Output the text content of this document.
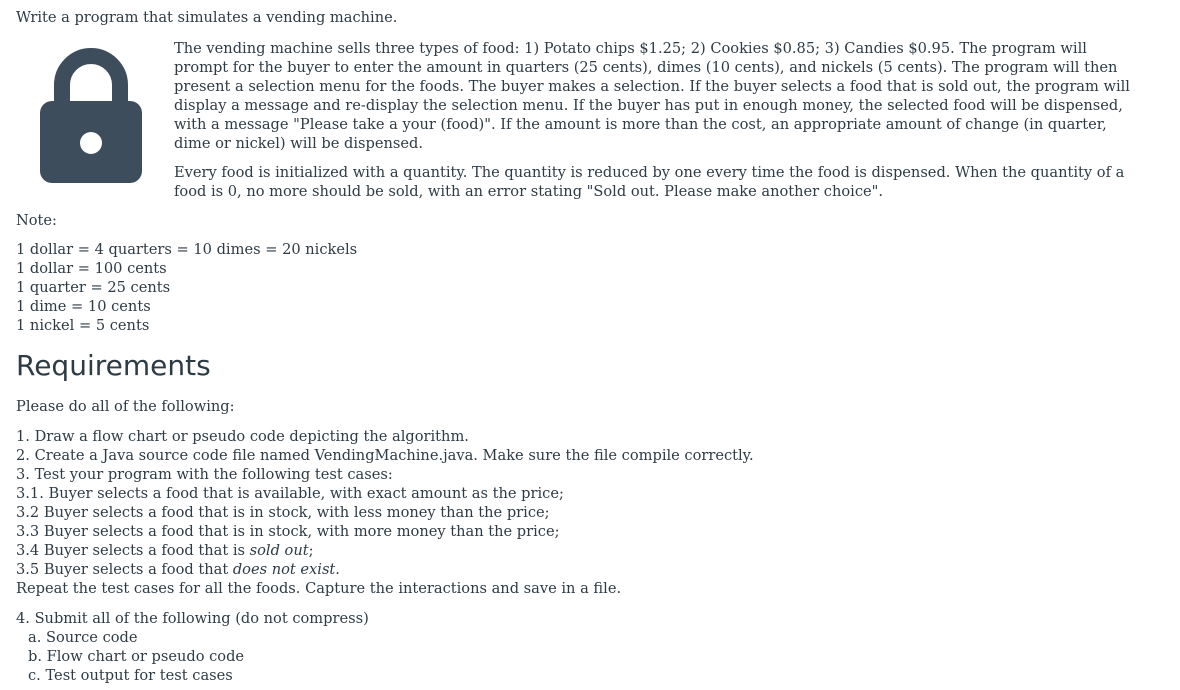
Write a program that simulates a vending machine.

The vending machine sells three types of food: 1) Potato chips $1.25; 2) Cookies $0.85; 3) Candies $0.95. The program will prompt for the buyer to enter the amount in quarters (25 cents), dimes (10 cents), and nickels (5 cents). The program will then present a selection menu for the foods. The buyer makes a selection. If the buyer selects a food that is sold out, the program will display a message and re-display the selection menu. If the buyer has put in enough money, the selected food will be dispensed, with a message "Please take a your (food)". If the amount is more than the cost, an appropriate amount of change (in quarter, dime or nickel) will be dispensed.

Every food is initialized with a quantity. The quantity is reduced by one every time the food is dispensed. When the quantity of a food is 0, no more should be sold, with an error stating "Sold out. Please make another choice".

Note:

1 dollar = 4 quarters = 10 dimes = 20 nickels
1 dollar = 100 cents
1 quarter = 25 cents
1 dime = 10 cents
1 nickel = 5 cents
Requirements

Please do all of the following:

1. Draw a flow chart or pseudo code depicting the algorithm.
2. Create a Java source code file named VendingMachine.java. Make sure the file compile correctly.
3. Test your program with the following test cases:
3.1. Buyer selects a food that is available, with exact amount as the price;
3.2 Buyer selects a food that is in stock, with less money than the price;
3.3 Buyer selects a food that is in stock, with more money than the price;
3.4 Buyer selects a food that is sold out;
3.5 Buyer selects a food that does not exist.
Repeat the test cases for all the foods. Capture the interactions and save in a file.
4. Submit all of the following (do not compress)
a. Source code
b. Flow chart or pseudo code
c. Test output for test cases
